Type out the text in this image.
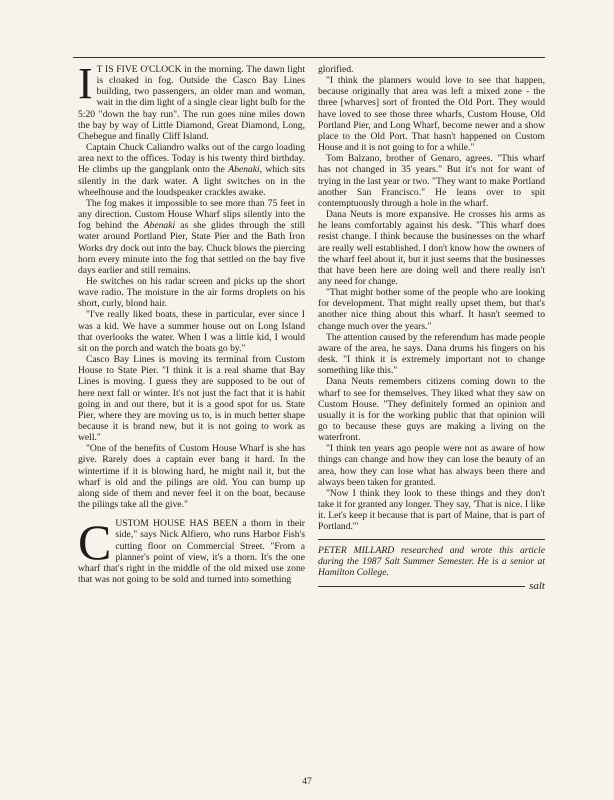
I T IS FIVE O'CLOCK in the morning. The dawn light is cloaked in fog. Outside the Casco Bay Lines building, two passengers, an older man and woman, wait in the dim light of a single clear light bulb for the 5:20 "down the bay run". The run goes nine miles down the bay by way of Little Diamond, Great Diamond, Long, Chebegue and finally Cliff Island.

Captain Chuck Caliandro walks out of the cargo loading area next to the offices. Today is his twenty third birthday. He climbs up the gangplank onto the Abenaki, which sits silently in the dark water. A light switches on in the wheelhouse and the loudspeaker crackles awake.

The fog makes it impossible to see more than 75 feet in any direction. Custom House Wharf slips silently into the fog behind the Abenaki as she glides through the still water around Portland Pier, State Pier and the Bath Iron Works dry dock out into the bay. Chuck blows the piercing horn every minute into the fog that settled on the bay five days earlier and still remains.

He switches on his radar screen and picks up the short wave radio. The moisture in the air forms droplets on his short, curly, blond hair.

"I've really liked boats, these in particular, ever since I was a kid. We have a summer house out on Long Island that overlooks the water. When I was a little kid, I would sit on the porch and watch the boats go by."

Casco Bay Lines is moving its terminal from Custom House to State Pier. "I think it is a real shame that Bay Lines is moving. I guess they are supposed to be out of here next fall or winter. It's not just the fact that it is habit going in and out there, but it is a good spot for us. State Pier, where they are moving us to, is in much better shape because it is brand new, but it is not going to work as well."

"One of the benefits of Custom House Wharf is she has give. Rarely does a captain ever bang it hard. In the wintertime if it is blowing hard, he might nail it, but the wharf is old and the pilings are old. You can bump up along side of them and never feel it on the boat, because the pilings take all the give."

CUSTOM HOUSE HAS BEEN a thorn in their side," says Nick Alfiero, who runs Harbor Fish's cutting floor on Commercial Street. "From a planner's point of view, it's a thorn. It's the one wharf that's right in the middle of the old mixed use zone that was not going to be sold and turned into something

glorified.

"I think the planners would love to see that happen, because originally that area was left a mixed zone - the three [wharves] sort of fronted the Old Port. They would have loved to see those three wharfs, Custom House, Old Portland Pier, and Long Wharf, become newer and a show place to the Old Port. That hasn't happened on Custom House and it is not going to for a while."

Tom Balzano, brother of Genaro, agrees. "This wharf has not changed in 35 years." But it's not for want of trying in the last year or two. "They want to make Portland another San Francisco." He leans over to spit contemptuously through a hole in the wharf.

Dana Neuts is more expansive. He crosses his arms as he leans comfortably against his desk. "This wharf does resist change. I think because the businesses on the wharf are really well established. I don't know how the owners of the wharf feel about it, but it just seems that the businesses that have been here are doing well and there really isn't any need for change.

"That might bother some of the people who are looking for development. That might really upset them, but that's another nice thing about this wharf. It hasn't seemed to change much over the years."

The attention caused by the referendum has made people aware of the area, he says. Dana drums his fingers on his desk. "I think it is extremely important not to change something like this."

Dana Neuts remembers citizens coming down to the wharf to see for themselves. They liked what they saw on Custom House. "They definitely formed an opinion and usually it is for the working public that that opinion will go to because these guys are making a living on the waterfront.

"I think ten years ago people were not as aware of how things can change and how they can lose the beauty of an area, how they can lose what has always been there and always been taken for granted.

"Now I think they look to these things and they don't take it for granted any longer. They say, 'That is nice. I like it. Let's keep it because that is part of Maine, that is part of Portland.'"

PETER MILLARD researched and wrote this article during the 1987 Salt Summer Semester. He is a senior at Hamilton College.

salt
47
